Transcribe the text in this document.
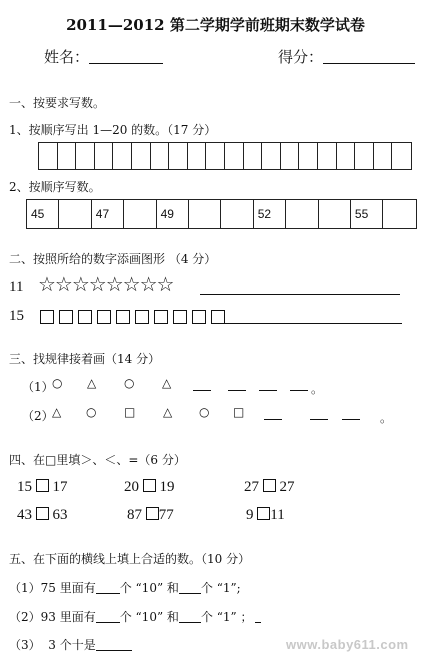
2011—2012 第二学期学前班期末数学试卷
姓名：	得分：
一、按要求写数。
1、按顺序写出 1—20 的数。（17 分）
2、按顺序写数。
45	47	49	52	55
二、按照所给的数字添画图形 （4 分）
11 ☆☆☆☆☆☆☆☆
15
三、找规律接着画（14 分）
（1）
○ △ ○ △	。
（2）
△ ○ □ △ ○ □	。
四、在□里填＞、＜、=（6 分）
15 17	20 19	27 27
43 63	87 77	9 11
五、在下面的横线上填上合适的数。（10 分）
（1）75 里面有 个 “10” 和 个 “1”;
（2）93 里面有 个 “10” 和 个 “1” ；
（3） 3 个十是	www.baby611.com
